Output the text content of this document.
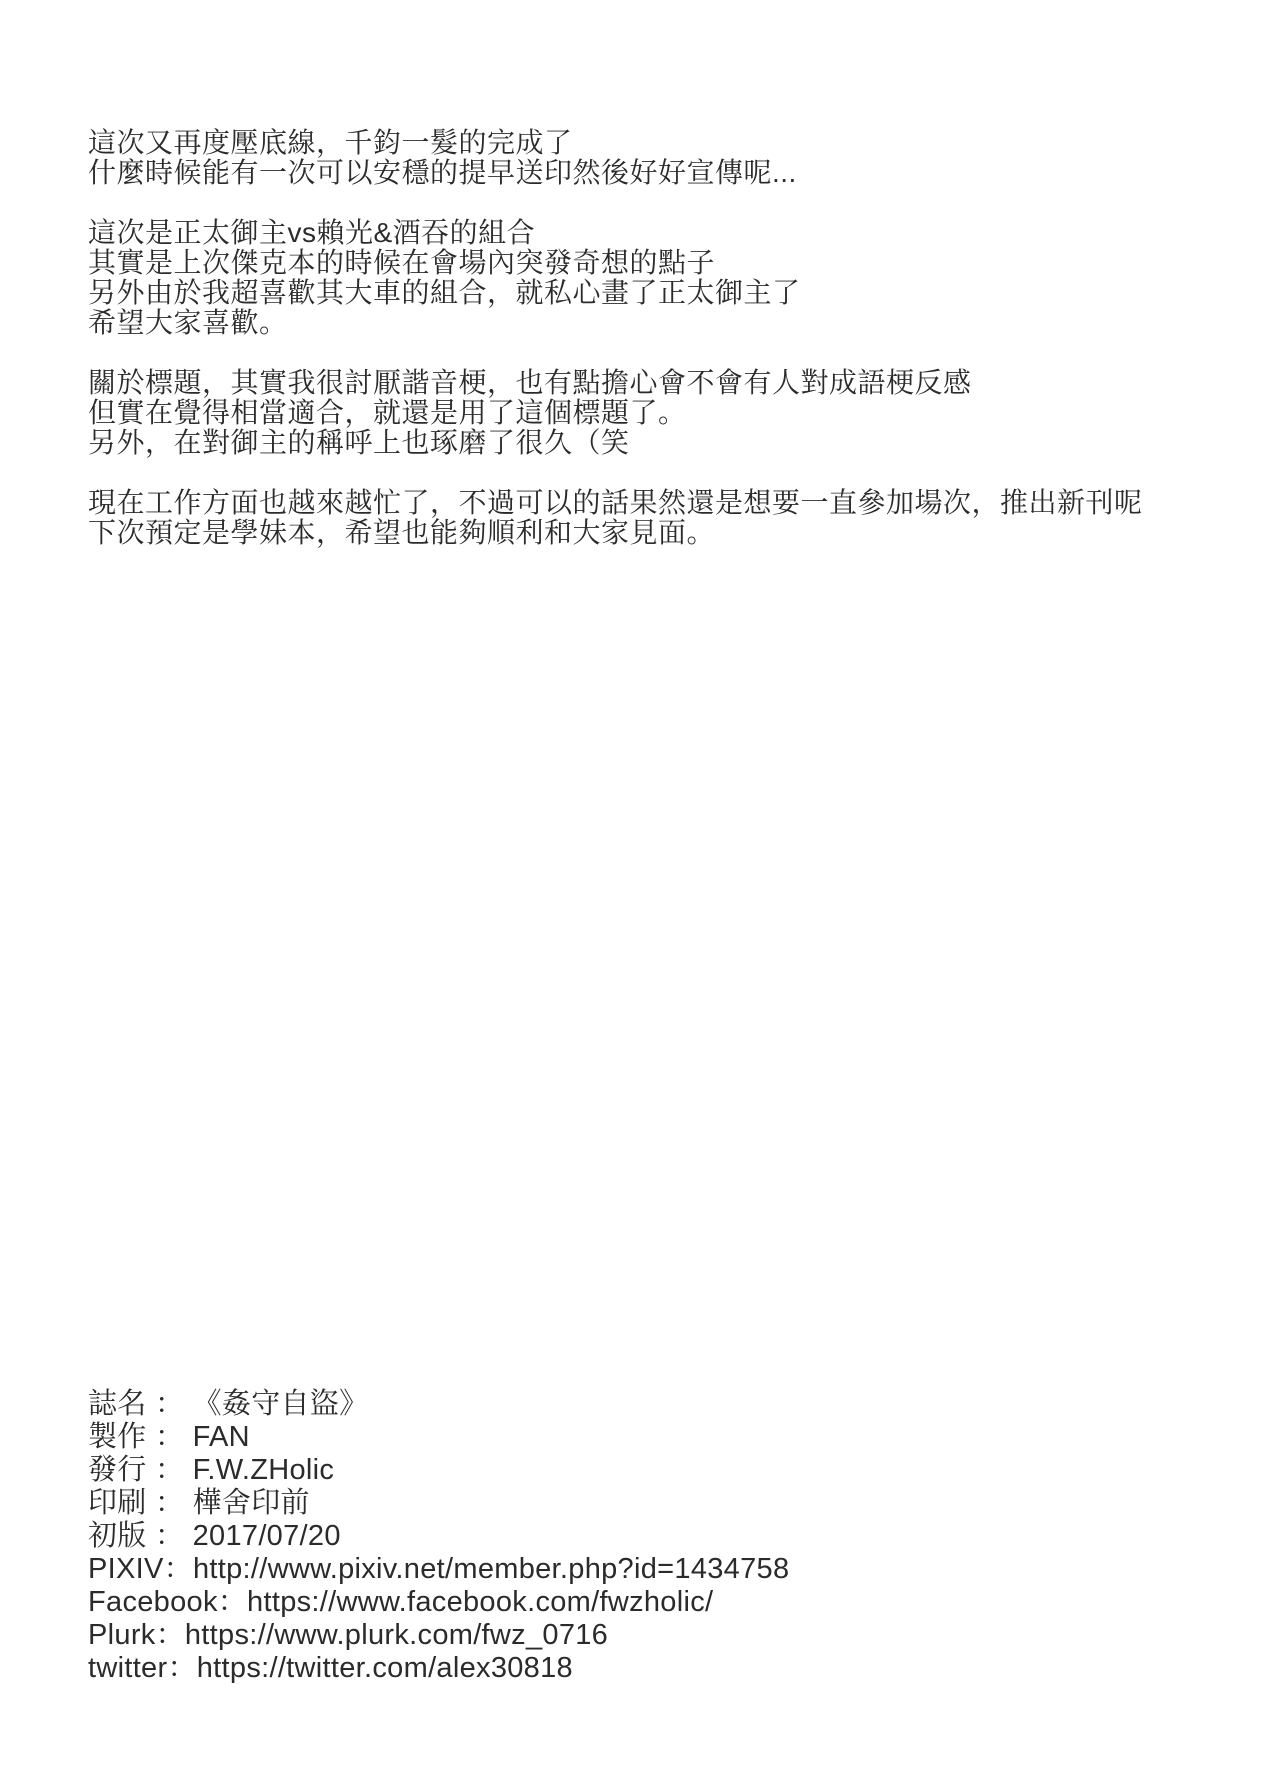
這次又再度壓底線，千鈞一髮的完成了
什麼時候能有一次可以安穩的提早送印然後好好宣傳呢...

這次是正太御主vs賴光&酒吞的組合
其實是上次傑克本的時候在會場內突發奇想的點子
另外由於我超喜歡其大車的組合，就私心畫了正太御主了
希望大家喜歡。

關於標題，其實我很討厭諧音梗，也有點擔心會不會有人對成語梗反感
但實在覺得相當適合，就還是用了這個標題了。
另外，在對御主的稱呼上也琢磨了很久（笑

現在工作方面也越來越忙了，不過可以的話果然還是想要一直參加場次，推出新刊呢
下次預定是學妹本，希望也能夠順利和大家見面。

誌名 ： 《姦守自盜》
製作 ： FAN
發行 ： F.W.ZHolic
印刷 ： 樺舍印前
初版 ： 2017/07/20
PIXIV：http://www.pixiv.net/member.php?id=1434758
Facebook：https://www.facebook.com/fwzholic/
Plurk：https://www.plurk.com/fwz_0716
twitter：https://twitter.com/alex30818
